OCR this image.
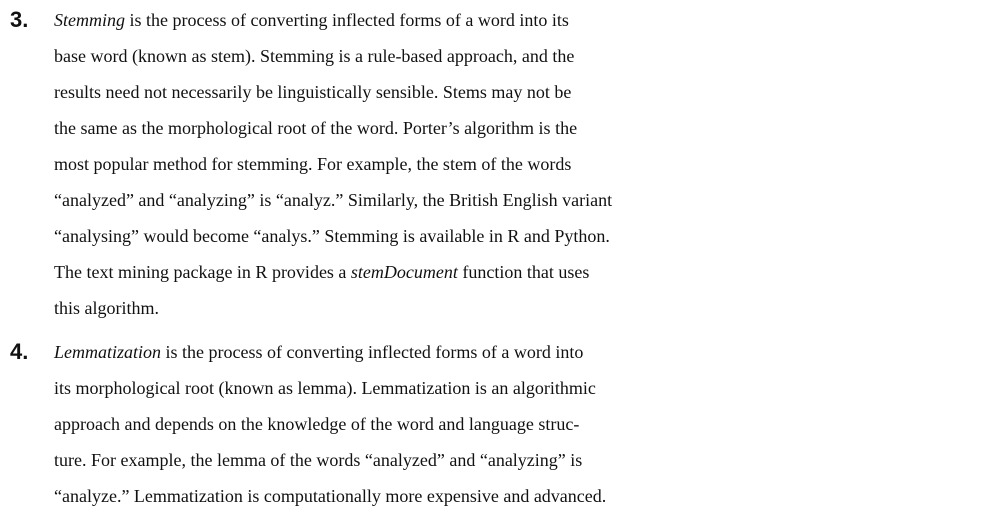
3. Stemming is the process of converting inflected forms of a word into its
base word (known as stem). Stemming is a rule-based approach, and the
results need not necessarily be linguistically sensible. Stems may not be
the same as the morphological root of the word. Porter’s algorithm is the
most popular method for stemming. For example, the stem of the words
“analyzed” and “analyzing” is “analyz.” Similarly, the British English variant
“analysing” would become “analys.” Stemming is available in R and Python.
The text mining package in R provides a stemDocument function that uses
this algorithm.
4. Lemmatization is the process of converting inflected forms of a word into
its morphological root (known as lemma). Lemmatization is an algorithmic
approach and depends on the knowledge of the word and language struc-
ture. For example, the lemma of the words “analyzed” and “analyzing” is
“analyze.” Lemmatization is computationally more expensive and advanced.
